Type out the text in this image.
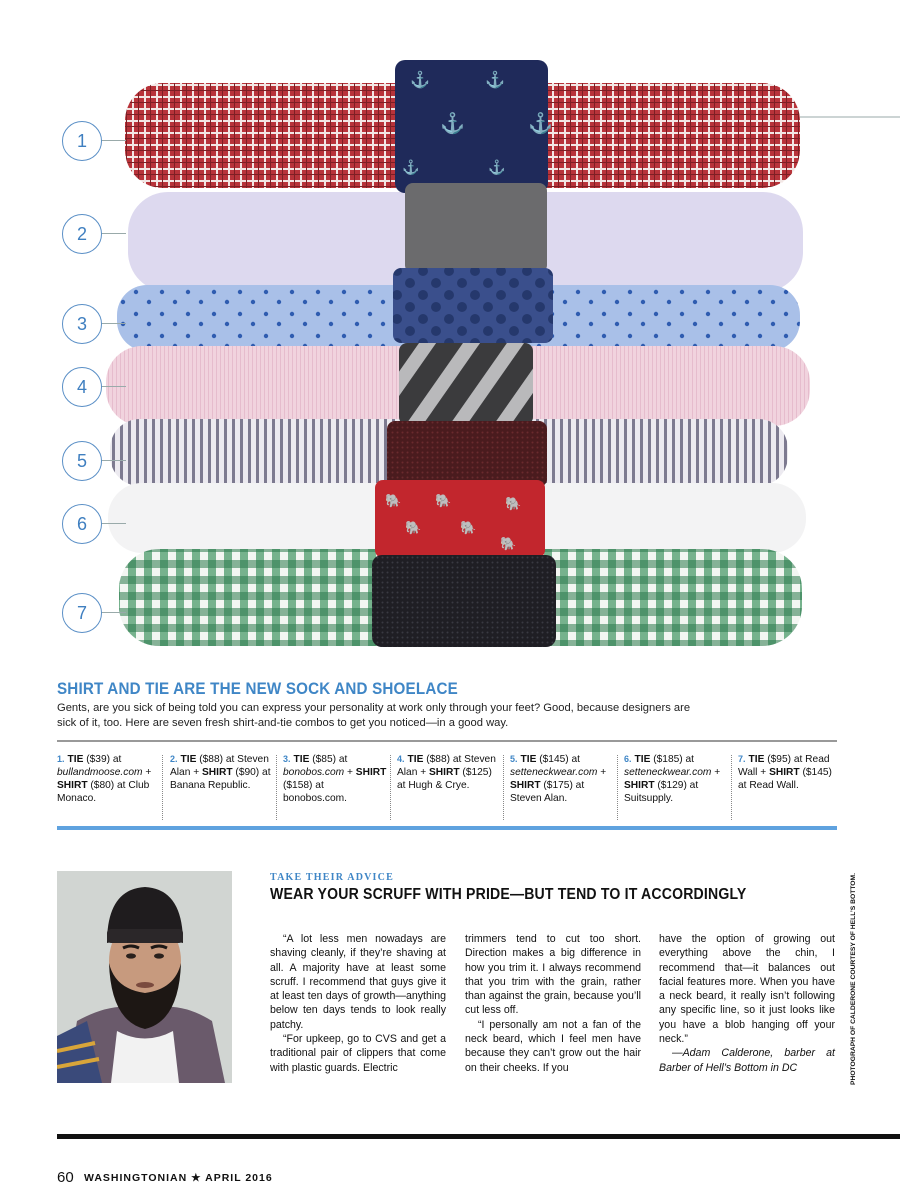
⚓	⚓
⚓	⚓
⚓	⚓
🐘	🐘
🐘	🐘
🐘
🐘
1
2
3
4
5
6
7
SHIRT AND TIE ARE THE NEW SOCK AND SHOELACE
Gents, are you sick of being told you can express your personality at work only through your feet? Good, because designers are sick of it, too. Here are seven fresh shirt-and-tie combos to get you noticed—in a good way.
1. TIE ($39) at bullandmoose.com + SHIRT ($80) at Club Monaco.
2. TIE ($88) at Steven Alan + SHIRT ($90) at Banana Republic.
3. TIE ($85) at bonobos.com + SHIRT ($158) at bonobos.com.
4. TIE ($88) at Steven Alan + SHIRT ($125) at Hugh & Crye.
5. TIE ($145) at setteneckwear.com + SHIRT ($175) at Steven Alan.
6. TIE ($185) at setteneckwear.com + SHIRT ($129) at Suitsupply.
7. TIE ($95) at Read Wall + SHIRT ($145) at Read Wall.
TAKE THEIR ADVICE
WEAR YOUR SCRUFF WITH PRIDE—BUT TEND TO IT ACCORDINGLY

“A lot less men nowadays are shaving cleanly, if they’re shaving at all. A majority have at least some scruff. I recommend that guys give it at least ten days of growth—anything below ten days tends to look really patchy.

“For upkeep, go to CVS and get a traditional pair of clippers that come with plastic guards. Electric

trimmers tend to cut too short. Direction makes a big difference in how you trim it. I always recommend that you trim with the grain, rather than against the grain, because you’ll cut less off.

“I personally am not a fan of the neck beard, which I feel men have because they can’t grow out the hair on their cheeks. If you

have the option of growing out everything above the chin, I recommend that—it balances out facial features more. When you have a neck beard, it really isn’t following any specific line, so it just looks like you have a blob hanging off your neck.”

—Adam Calderone, barber at Barber of Hell’s Bottom in DC	PHOTOGRAPH OF CALDERONE COURTESY OF HELL’S BOTTOM.
60 WASHINGTONIAN ★ APRIL 2016
